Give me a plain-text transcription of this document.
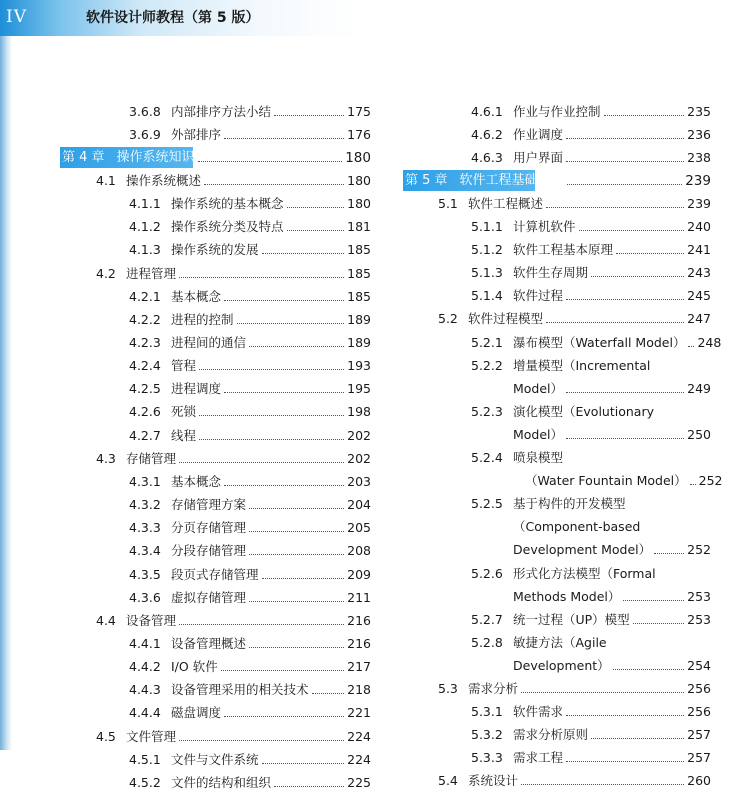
IV	软件设计师教程（第 5 版）
3.6.8 内部排序方法小结	175
3.6.9 外部排序	176
第 4 章 操作系统知识	180
4.1 操作系统概述	180
4.1.1 操作系统的基本概念	180
4.1.2 操作系统分类及特点	181
4.1.3 操作系统的发展	185
4.2 进程管理	185
4.2.1 基本概念	185
4.2.2 进程的控制	189
4.2.3 进程间的通信	189
4.2.4 管程	193
4.2.5 进程调度	195
4.2.6 死锁	198
4.2.7 线程	202
4.3 存储管理	202
4.3.1 基本概念	203
4.3.2 存储管理方案	204
4.3.3 分页存储管理	205
4.3.4 分段存储管理	208
4.3.5 段页式存储管理	209
4.3.6 虚拟存储管理	211
4.4 设备管理	216
4.4.1 设备管理概述	216
4.4.2 I/O 软件	217
4.4.3 设备管理采用的相关技术	218
4.4.4 磁盘调度	221
4.5 文件管理	224
4.5.1 文件与文件系统	224
4.5.2 文件的结构和组织	225
4.6.1 作业与作业控制	235
4.6.2 作业调度	236
4.6.3 用户界面	238
第 5 章 软件工程基础知识	239
5.1 软件工程概述	239
5.1.1 计算机软件	240
5.1.2 软件工程基本原理	241
5.1.3 软件生存周期	243
5.1.4 软件过程	245
5.2 软件过程模型	247
5.2.1 瀑布模型（Waterfall Model） 248
5.2.2 增量模型（Incremental
Model）	249
5.2.3 演化模型（Evolutionary
Model）	250
5.2.4 喷泉模型
（Water Fountain Model） 252
5.2.5 基于构件的开发模型
（Component-based
Development Model）	252
5.2.6 形式化方法模型（Formal
Methods Model）	253
5.2.7 统一过程（UP）模型	253
5.2.8 敏捷方法（Agile
Development）	254
5.3 需求分析	256
5.3.1 软件需求	256
5.3.2 需求分析原则	257
5.3.3 需求工程	257
5.4 系统设计	260
